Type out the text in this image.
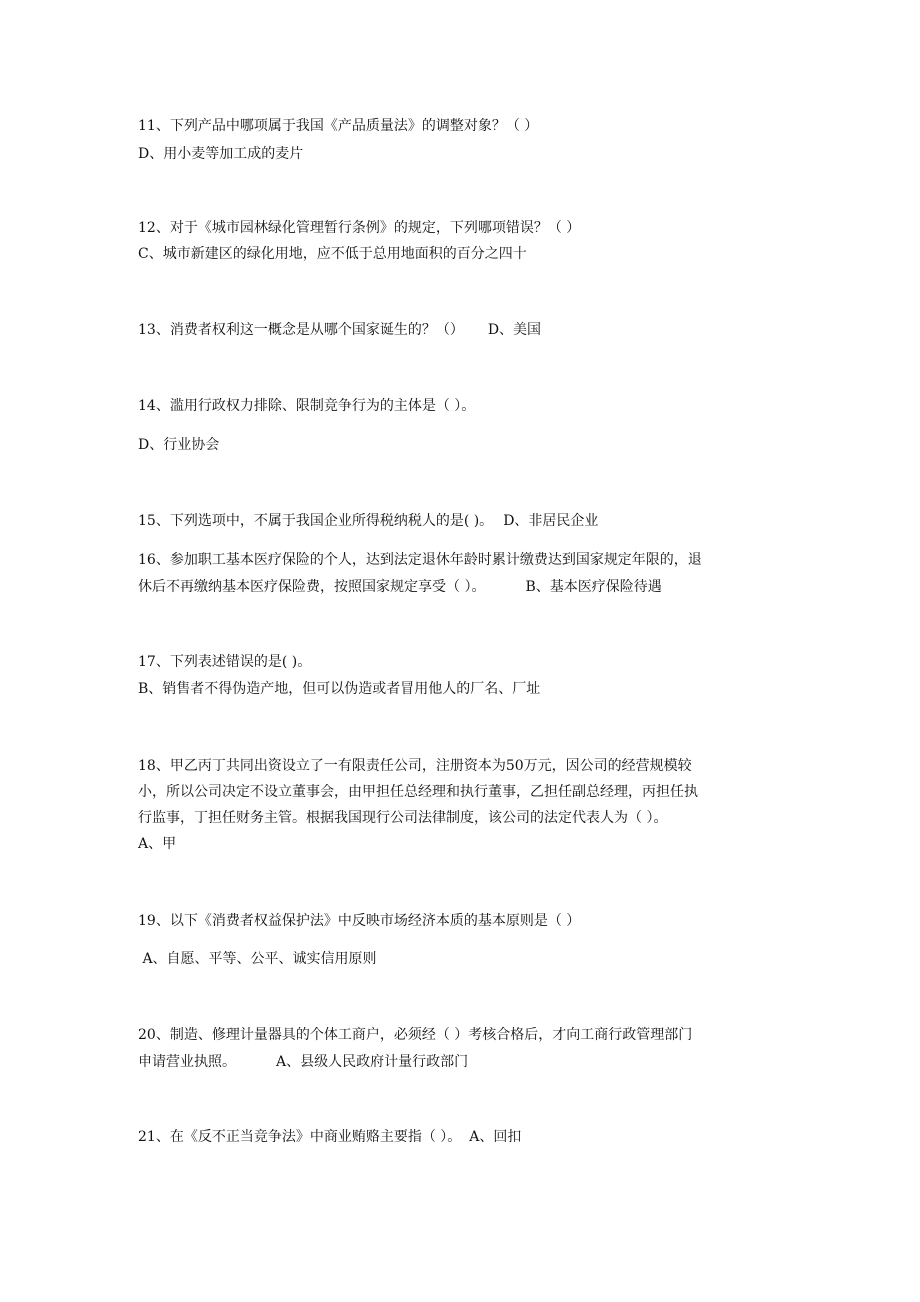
11、下列产品中哪项属于我国《产品质量法》的调整对象？（ ）
D、用小麦等加工成的麦片
12、对于《城市园林绿化管理暂行条例》的规定，下列哪项错误？（ ）
C、城市新建区的绿化用地，应不低于总用地面积的百分之四十
13、消费者权利这一概念是从哪个国家诞生的？（） D、美国
14、滥用行政权力排除、限制竞争行为的主体是（ ）。
D、行业协会
15、下列选项中，不属于我国企业所得税纳税人的是( )。 D、非居民企业
16、参加职工基本医疗保险的个人，达到法定退休年龄时累计缴费达到国家规定年限的，退
休后不再缴纳基本医疗保险费，按照国家规定享受（ ）。	B、基本医疗保险待遇
17、下列表述错误的是( )。
B、销售者不得伪造产地，但可以伪造或者冒用他人的厂名、厂址
18、甲乙丙丁共同出资设立了一有限责任公司，注册资本为50万元，因公司的经营规模较
小，所以公司决定不设立董事会，由甲担任总经理和执行董事，乙担任副总经理，丙担任执
行监事，丁担任财务主管。根据我国现行公司法律制度，该公司的法定代表人为（ ）。
A、甲
19、以下《消费者权益保护法》中反映市场经济本质的基本原则是（ ）
A、自愿、平等、公平、诚实信用原则
20、制造、修理计量器具的个体工商户，必须经（ ）考核合格后，才向工商行政管理部门
申请营业执照。	A、县级人民政府计量行政部门
21、在《反不正当竞争法》中商业贿赂主要指（ ）。 A、回扣
